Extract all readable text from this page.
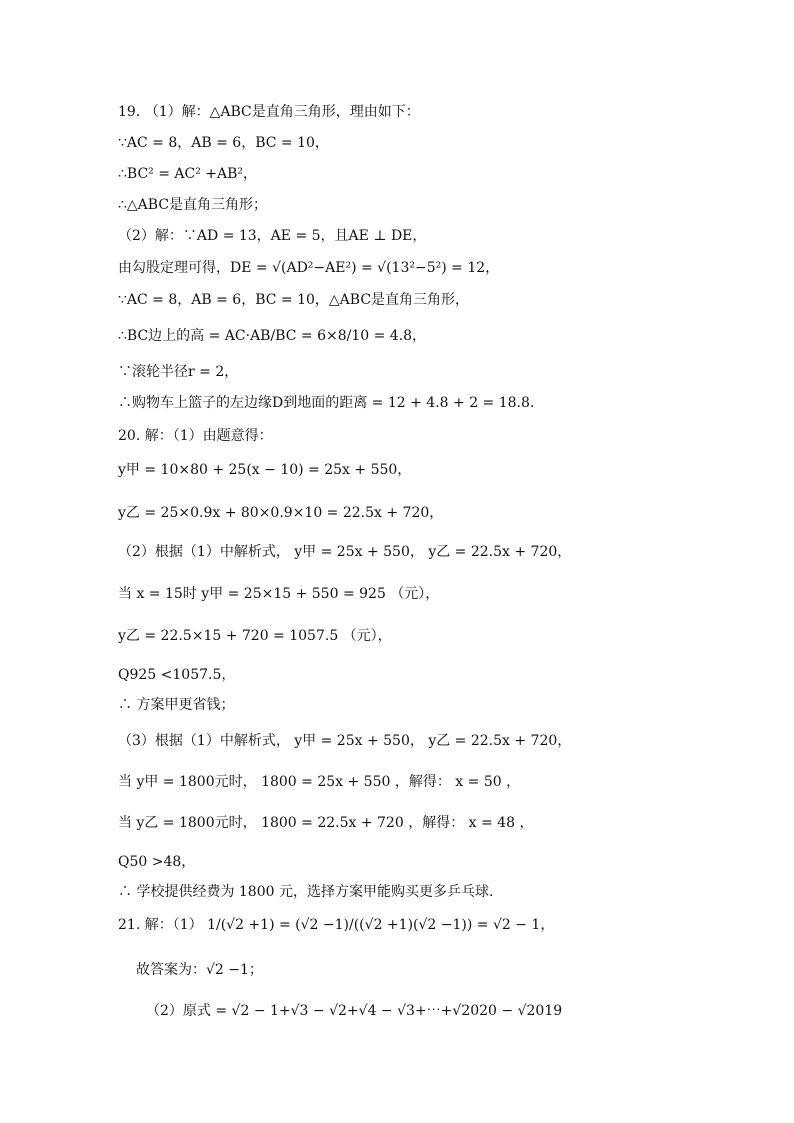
19. （1）解：△ABC是直角三角形，理由如下：
∵AC = 8，AB = 6，BC = 10，
∴BC² = AC² +AB²，
∴△ABC是直角三角形；
（2）解：∵AD = 13，AE = 5，且AE ⊥ DE，
由勾股定理可得，DE = √(AD²−AE²) = √(13²−5²) = 12，
∵AC = 8，AB = 6，BC = 10，△ABC是直角三角形，
∴BC边上的高 = AC·AB/BC = 6×8/10 = 4.8，
∵滚轮半径r = 2，
∴购物车上篮子的左边缘D到地面的距离 = 12 + 4.8 + 2 = 18.8.
20. 解：（1）由题意得：
y甲 = 10×80 + 25(x − 10) = 25x + 550，
y乙 = 25×0.9x + 80×0.9×10 = 22.5x + 720，
（2）根据（1）中解析式， y甲 = 25x + 550， y乙 = 22.5x + 720，
当 x = 15时 y甲 = 25×15 + 550 = 925 （元），
y乙 = 22.5×15 + 720 = 1057.5 （元），
Q925 <1057.5，
∴ 方案甲更省钱；
（3）根据（1）中解析式， y甲 = 25x + 550， y乙 = 22.5x + 720，
当 y甲 = 1800元时， 1800 = 25x + 550 ，解得： x = 50 ，
当 y乙 = 1800元时， 1800 = 22.5x + 720 ，解得： x = 48 ，
Q50 >48，
∴ 学校提供经费为 1800 元，选择方案甲能购买更多乒乓球.
21. 解：（1） 1/(√2 +1) = (√2 −1)/((√2 +1)(√2 −1)) = √2 − 1，
故答案为：√2 −1；
（2）原式 = √2 − 1+√3 − √2+√4 − √3+⋯+√2020 − √2019
